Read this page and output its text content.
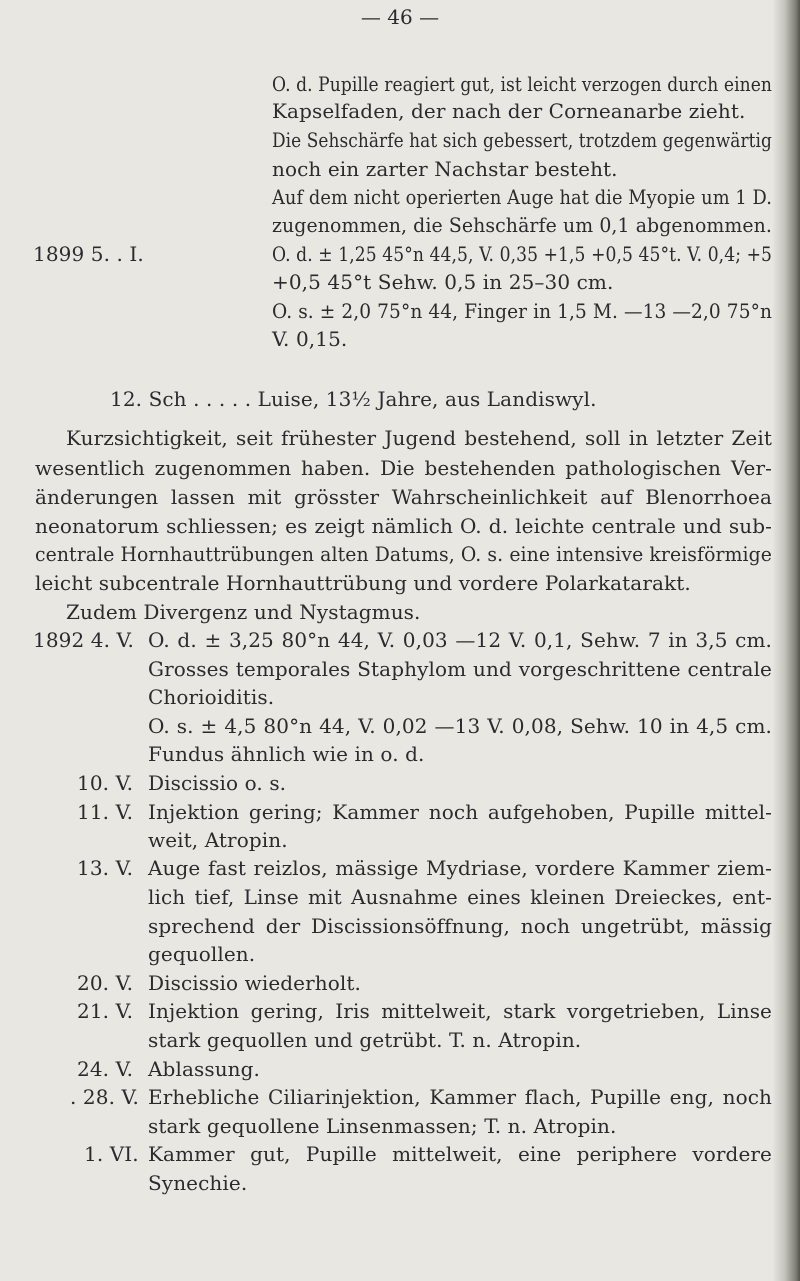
— 46 —
O. d. Pupille reagiert gut, ist leicht verzogen durch einen
Kapselfaden, der nach der Corneanarbe zieht.
Die Sehschärfe hat sich gebessert, trotzdem gegenwärtig
noch ein zarter Nachstar besteht.
Auf dem nicht operierten Auge hat die Myopie um 1 D.
zugenommen, die Sehschärfe um 0,1 abgenommen.
1899 5. . I.	O. d. ± 1,25 45°n 44,5, V. 0,35 +1,5 +0,5 45°t. V. 0,4; +5
+0,5 45°t Sehw. 0,5 in 25–30 cm.
O. s. ± 2,0 75°n 44, Finger in 1,5 M. —13 —2,0 75°n
V. 0,15.
12. Sch . . . . . Luise, 13½ Jahre, aus Landiswyl.
Kurzsichtigkeit, seit frühester Jugend bestehend, soll in letzter Zeit
wesentlich zugenommen haben. Die bestehenden pathologischen Ver-
änderungen lassen mit grösster Wahrscheinlichkeit auf Blenorrhoea
neonatorum schliessen; es zeigt nämlich O. d. leichte centrale und sub-
centrale Hornhauttrübungen alten Datums, O. s. eine intensive kreisförmige
leicht subcentrale Hornhauttrübung und vordere Polarkatarakt.
Zudem Divergenz und Nystagmus.
1892 4. V. O. d. ± 3,25 80°n 44, V. 0,03 —12 V. 0,1, Sehw. 7 in 3,5 cm.
Grosses temporales Staphylom und vorgeschrittene centrale
Chorioiditis.
O. s. ± 4,5 80°n 44, V. 0,02 —13 V. 0,08, Sehw. 10 in 4,5 cm.
Fundus ähnlich wie in o. d.
10. V. Discissio o. s.
11. V. Injektion gering; Kammer noch aufgehoben, Pupille mittel-
weit, Atropin.
13. V. Auge fast reizlos, mässige Mydriase, vordere Kammer ziem-
lich tief, Linse mit Ausnahme eines kleinen Dreieckes, ent-
sprechend der Discissionsöffnung, noch ungetrübt, mässig
gequollen.
20. V. Discissio wiederholt.
21. V. Injektion gering, Iris mittelweit, stark vorgetrieben, Linse
stark gequollen und getrübt. T. n. Atropin.
24. V. Ablassung.
. 28. V. Erhebliche Ciliarinjektion, Kammer flach, Pupille eng, noch
stark gequollene Linsenmassen; T. n. Atropin.
1. VI. Kammer gut, Pupille mittelweit, eine periphere vordere
Synechie.
